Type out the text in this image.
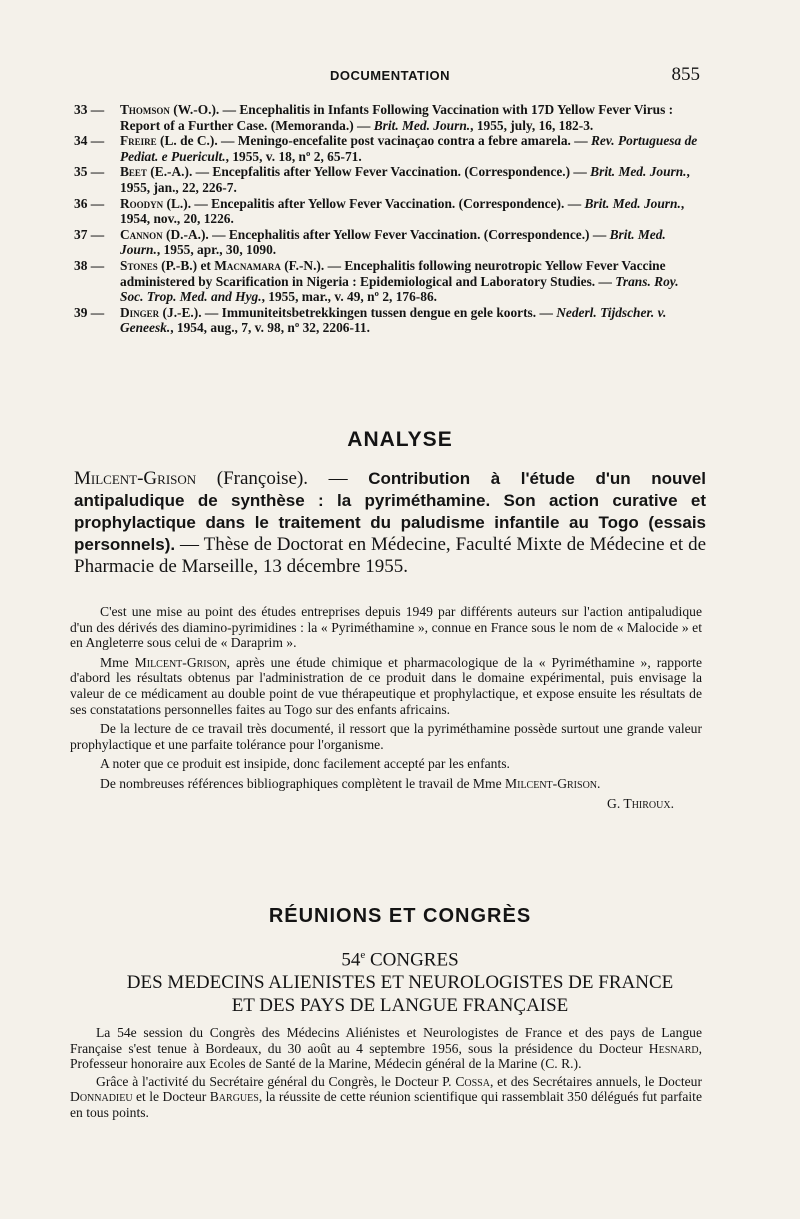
DOCUMENTATION	855
33 — Thomson (W.-O.). — Encephalitis in Infants Following Vaccination with 17D Yellow Fever Virus : Report of a Further Case. (Memoranda.) — Brit. Med. Journ., 1955, july, 16, 182-3.
34 — Freire (L. de C.). — Meningo-encefalite post vacinaçao contra a febre amarela. — Rev. Portuguesa de Pediat. e Puericult., 1955, v. 18, nº 2, 65-71.
35 — Beet (E.-A.). — Encepfalitis after Yellow Fever Vaccination. (Correspondence.) — Brit. Med. Journ., 1955, jan., 22, 226-7.
36 — Roodyn (L.). — Encepalitis after Yellow Fever Vaccination. (Correspondence). — Brit. Med. Journ., 1954, nov., 20, 1226.
37 — Cannon (D.-A.). — Encephalitis after Yellow Fever Vaccination. (Correspondence.) — Brit. Med. Journ., 1955, apr., 30, 1090.
38 — Stones (P.-B.) et Macnamara (F.-N.). — Encephalitis following neurotropic Yellow Fever Vaccine administered by Scarification in Nigeria : Epidemiological and Laboratory Studies. — Trans. Roy. Soc. Trop. Med. and Hyg., 1955, mar., v. 49, nº 2, 176-86.
39 — Dinger (J.-E.). — Immuniteitsbetrekkingen tussen dengue en gele koorts. — Nederl. Tijdscher. v. Geneesk., 1954, aug., 7, v. 98, nº 32, 2206-11.
ANALYSE
Milcent-Grison (Françoise). — Contribution à l'étude d'un nouvel antipaludique de synthèse : la pyriméthamine. Son action curative et prophylactique dans le traitement du paludisme infantile au Togo (essais personnels). — Thèse de Doctorat en Médecine, Faculté Mixte de Médecine et de Pharmacie de Marseille, 13 décembre 1955.

C'est une mise au point des études entreprises depuis 1949 par différents auteurs sur l'action antipaludique d'un des dérivés des diamino-pyrimidines : la « Pyriméthamine », connue en France sous le nom de « Malocide » et en Angleterre sous celui de « Daraprim ».

Mme Milcent-Grison, après une étude chimique et pharmacologique de la « Pyriméthamine », rapporte d'abord les résultats obtenus par l'administration de ce produit dans le domaine expérimental, puis envisage la valeur de ce médicament au double point de vue thérapeutique et prophylactique, et expose ensuite les résultats de ses constatations personnelles faites au Togo sur des enfants africains.

De la lecture de ce travail très documenté, il ressort que la pyriméthamine possède surtout une grande valeur prophylactique et une parfaite tolérance pour l'organisme.

A noter que ce produit est insipide, donc facilement accepté par les enfants.

De nombreuses références bibliographiques complètent le travail de Mme Milcent-Grison.

G. Thiroux.

RÉUNIONS ET CONGRÈS
54e CONGRES
DES MEDECINS ALIENISTES ET NEUROLOGISTES DE FRANCE
ET DES PAYS DE LANGUE FRANÇAISE

La 54e session du Congrès des Médecins Aliénistes et Neurologistes de France et des pays de Langue Française s'est tenue à Bordeaux, du 30 août au 4 septembre 1956, sous la présidence du Docteur Hesnard, Professeur honoraire aux Ecoles de Santé de la Marine, Médecin général de la Marine (C. R.).

Grâce à l'activité du Secrétaire général du Congrès, le Docteur P. Cossa, et des Secrétaires annuels, le Docteur Donnadieu et le Docteur Bargues, la réussite de cette réunion scientifique qui rassemblait 350 délégués fut parfaite en tous points.
